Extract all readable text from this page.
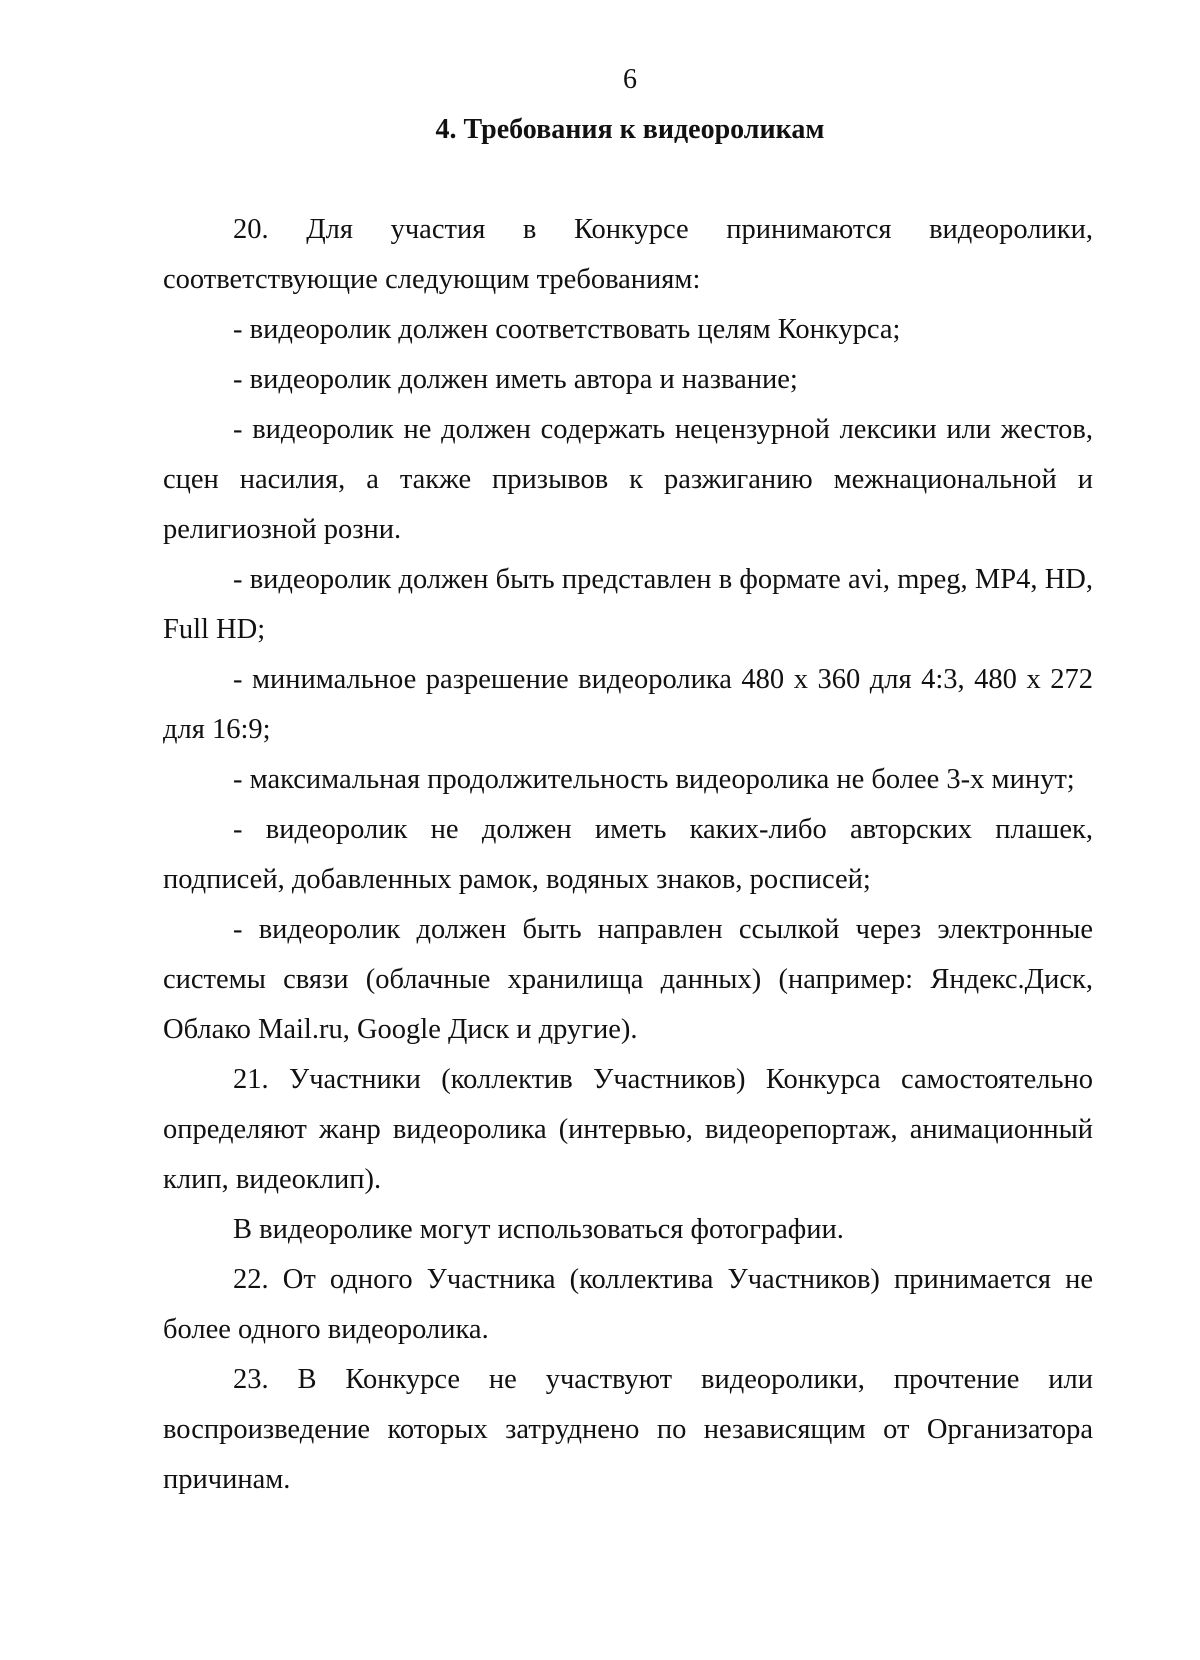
6
4. Требования к видеороликам

20. Для участия в Конкурсе принимаются видеоролики, соответствующие следующим требованиям:

- видеоролик должен соответствовать целям Конкурса;

- видеоролик должен иметь автора и название;

- видеоролик не должен содержать нецензурной лексики или жестов, сцен насилия, а также призывов к разжиганию межнациональной и религиозной розни.

- видеоролик должен быть представлен в формате avi, mpeg, MP4, HD, Full HD;

- минимальное разрешение видеоролика 480 х 360 для 4:3, 480 х 272 для 16:9;

- максимальная продолжительность видеоролика не более 3-х минут;

- видеоролик не должен иметь каких-либо авторских плашек, подписей, добавленных рамок, водяных знаков, росписей;

- видеоролик должен быть направлен ссылкой через электронные системы связи (облачные хранилища данных) (например: Яндекс.Диск, Облако Mail.ru, Google Диск и другие).

21. Участники (коллектив Участников) Конкурса самостоятельно определяют жанр видеоролика (интервью, видеорепортаж, анимационный клип, видеоклип).

В видеоролике могут использоваться фотографии.

22. От одного Участника (коллектива Участников) принимается не более одного видеоролика.

23. В Конкурсе не участвуют видеоролики, прочтение или воспроизведение которых затруднено по независящим от Организатора причинам.
